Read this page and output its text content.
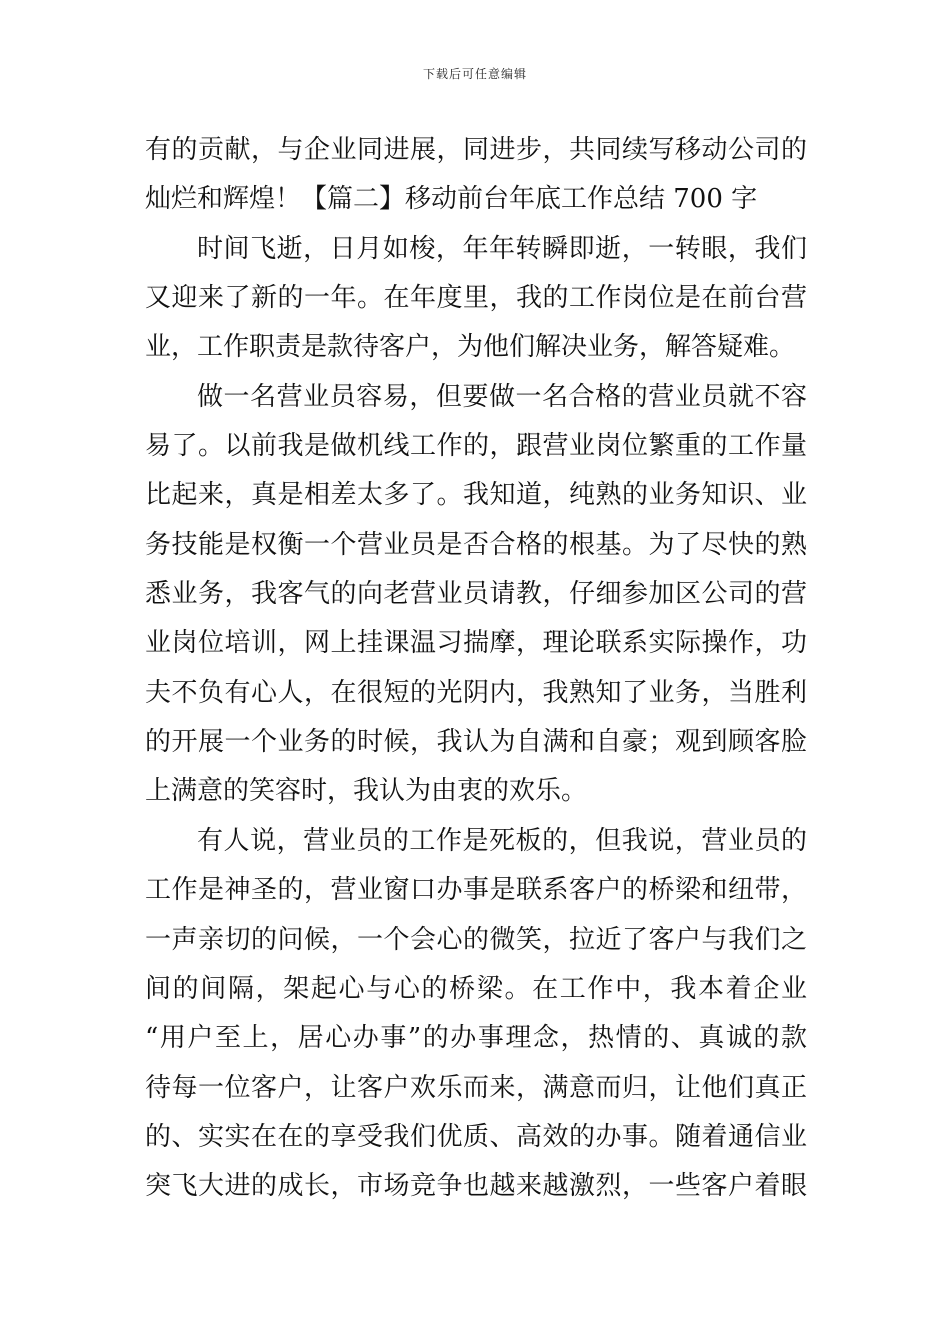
下载后可任意编辑
有的贡献，与企业同进展，同进步，共同续写移动公司的
灿烂和辉煌！【篇二】移动前台年底工作总结 700 字
时间飞逝，日月如梭，年年转瞬即逝，一转眼，我们
又迎来了新的一年。在年度里，我的工作岗位是在前台营
业，工作职责是款待客户，为他们解决业务，解答疑难。
做一名营业员容易，但要做一名合格的营业员就不容
易了。以前我是做机线工作的，跟营业岗位繁重的工作量
比起来，真是相差太多了。我知道，纯熟的业务知识、业
务技能是权衡一个营业员是否合格的根基。为了尽快的熟
悉业务，我客气的向老营业员请教，仔细参加区公司的营
业岗位培训，网上挂课温习揣摩，理论联系实际操作，功
夫不负有心人，在很短的光阴内，我熟知了业务，当胜利
的开展一个业务的时候，我认为自满和自豪；观到顾客脸
上满意的笑容时，我认为由衷的欢乐。
有人说，营业员的工作是死板的，但我说，营业员的
工作是神圣的，营业窗口办事是联系客户的桥梁和纽带，
一声亲切的问候，一个会心的微笑，拉近了客户与我们之
间的间隔，架起心与心的桥梁。在工作中，我本着企业
“用户至上，居心办事”的办事理念，热情的、真诚的款
待每一位客户，让客户欢乐而来，满意而归，让他们真正
的、实实在在的享受我们优质、高效的办事。随着通信业
突飞大进的成长，市场竞争也越来越激烈，一些客户着眼
